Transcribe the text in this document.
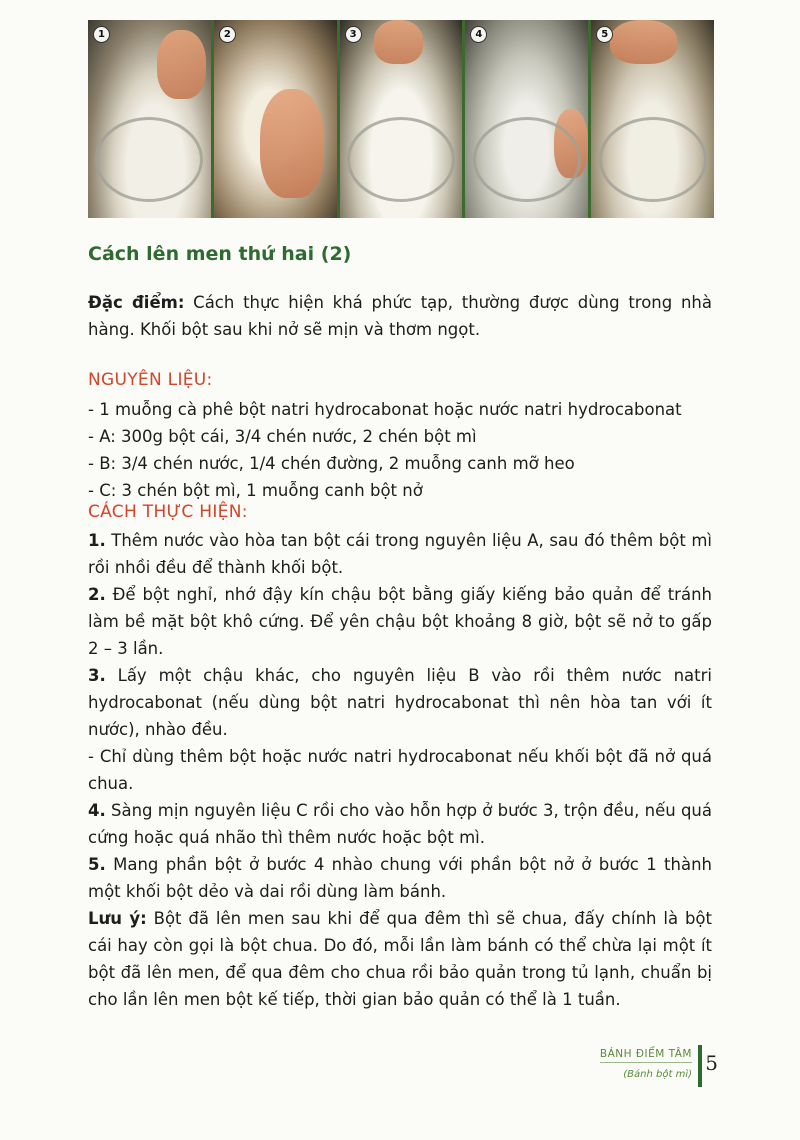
1	2	3	4	5
Cách lên men thứ hai (2)

Đặc điểm: Cách thực hiện khá phức tạp, thường được dùng trong nhà hàng. Khối bột sau khi nở sẽ mịn và thơm ngọt.

NGUYÊN LIỆU:
- 1 muỗng cà phê bột natri hydrocabonat hoặc nước natri hydrocabonat
- A: 300g bột cái, 3/4 chén nước, 2 chén bột mì
- B: 3/4 chén nước, 1/4 chén đường, 2 muỗng canh mỡ heo
- C: 3 chén bột mì, 1 muỗng canh bột nở
CÁCH THỰC HIỆN:
1. Thêm nước vào hòa tan bột cái trong nguyên liệu A, sau đó thêm bột mì rồi nhồi đều để thành khối bột.
2. Để bột nghỉ, nhớ đậy kín chậu bột bằng giấy kiếng bảo quản để tránh làm bề mặt bột khô cứng. Để yên chậu bột khoảng 8 giờ, bột sẽ nở to gấp 2 – 3 lần.
3. Lấy một chậu khác, cho nguyên liệu B vào rồi thêm nước natri hydrocabonat (nếu dùng bột natri hydrocabonat thì nên hòa tan với ít nước), nhào đều.
- Chỉ dùng thêm bột hoặc nước natri hydrocabonat nếu khối bột đã nở quá chua.
4. Sàng mịn nguyên liệu C rồi cho vào hỗn hợp ở bước 3, trộn đều, nếu quá cứng hoặc quá nhão thì thêm nước hoặc bột mì.
5. Mang phần bột ở bước 4 nhào chung với phần bột nở ở bước 1 thành một khối bột dẻo và dai rồi dùng làm bánh.
Lưu ý: Bột đã lên men sau khi để qua đêm thì sẽ chua, đấy chính là bột cái hay còn gọi là bột chua. Do đó, mỗi lần làm bánh có thể chừa lại một ít bột đã lên men, để qua đêm cho chua rồi bảo quản trong tủ lạnh, chuẩn bị cho lần lên men bột kế tiếp, thời gian bảo quản có thể là 1 tuần.
BÁNH ĐIỂM TÂM
(Bánh bột mì) 5
